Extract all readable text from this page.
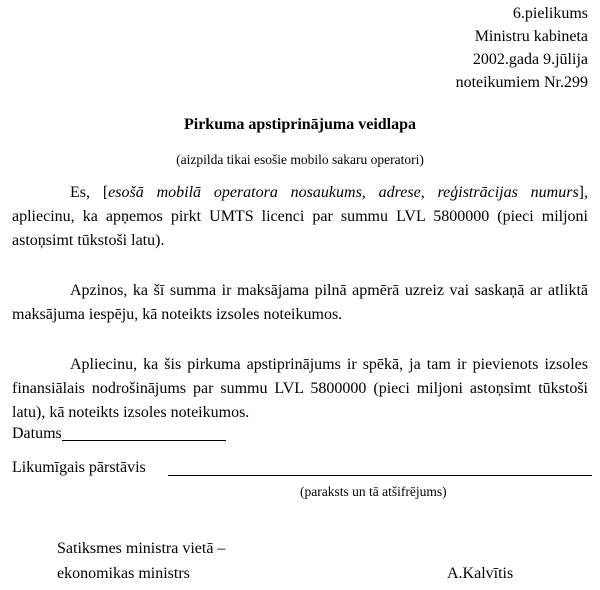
6.pielikums
Ministru kabineta
2002.gada 9.jūlija
noteikumiem Nr.299
Pirkuma apstiprinājuma veidlapa
(aizpilda tikai esošie mobilo sakaru operatori)

Es, [esošā mobilā operatora nosaukums, adrese, reģistrācijas numurs], apliecinu, ka apņemos pirkt UMTS licenci par summu LVL 5800000 (pieci miljoni astoņsimt tūkstoši latu).

Apzinos, ka šī summa ir maksājama pilnā apmērā uzreiz vai saskaņā ar atliktā maksājuma iespēju, kā noteikts izsoles noteikumos.

Apliecinu, ka šis pirkuma apstiprinājums ir spēkā, ja tam ir pievienots izsoles finansiālais nodrošinājums par summu LVL 5800000 (pieci miljoni astoņsimt tūkstoši latu), kā noteikts izsoles noteikumos.

Datums
Likumīgais pārstāvis
(paraksts un tā atšifrējums)
Satiksmes ministra vietā –
ekonomikas ministrs	A.Kalvītis
